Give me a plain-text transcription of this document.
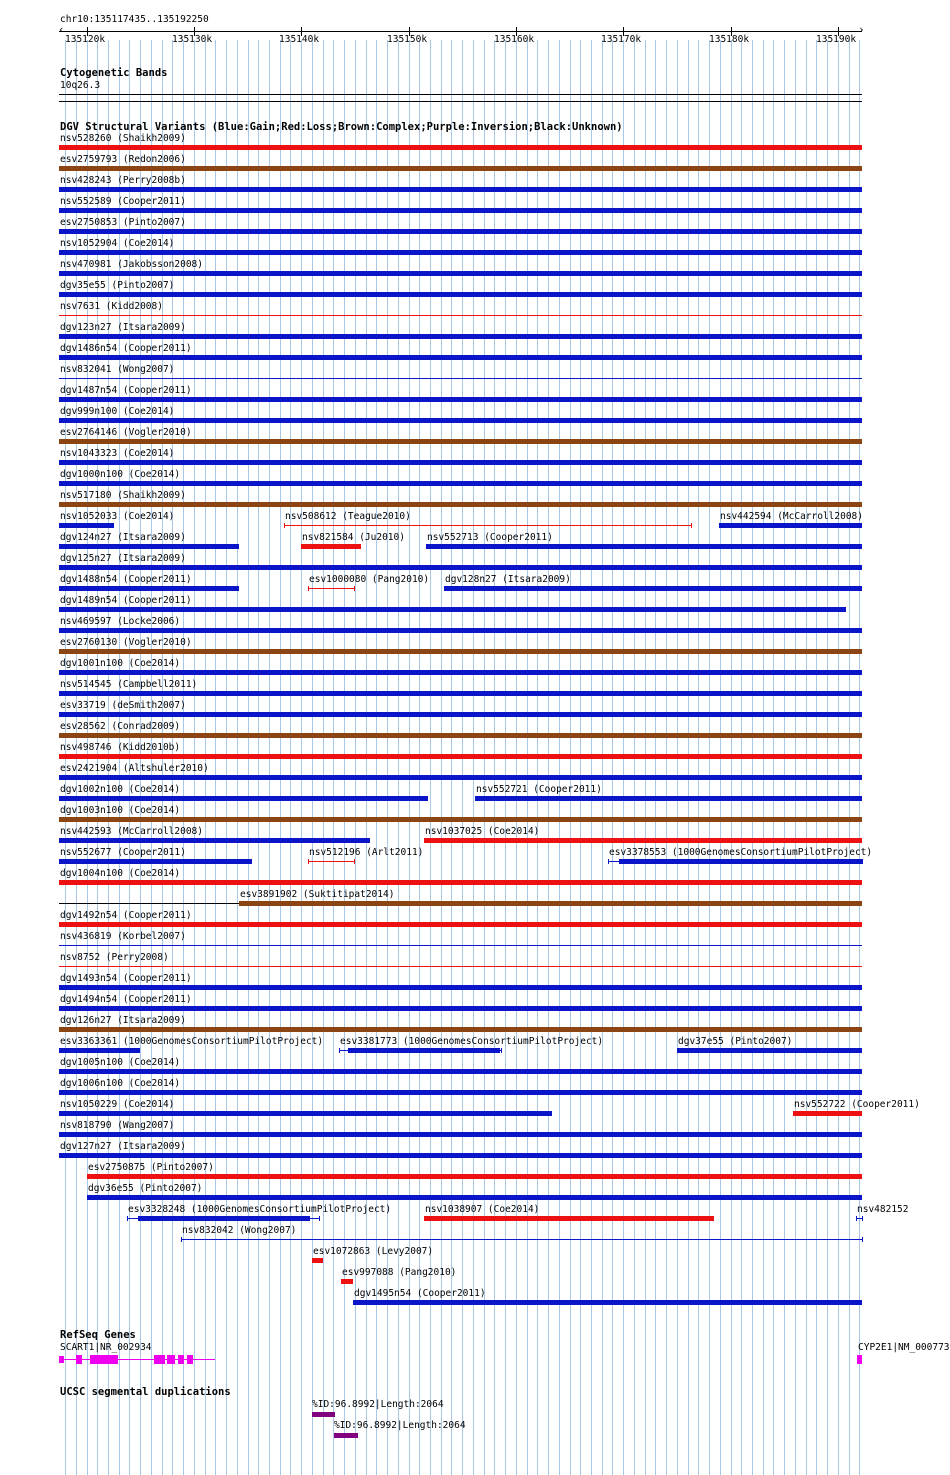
chr10:135117435..135192250
‹	›
135120k	135130k	135140k	135150k	135160k	135170k	135180k	135190k
Cytogenetic Bands
10q26.3
DGV Structural Variants (Blue:Gain;Red:Loss;Brown:Complex;Purple:Inversion;Black:Unknown)
nsv528260 (Shaikh2009)
esv2759793 (Redon2006)
nsv428243 (Perry2008b)
nsv552589 (Cooper2011)
esv2750853 (Pinto2007)
nsv1052904 (Coe2014)
nsv470981 (Jakobsson2008)
dgv35e55 (Pinto2007)
nsv7631 (Kidd2008)
dgv123n27 (Itsara2009)
dgv1486n54 (Cooper2011)
nsv832041 (Wong2007)
dgv1487n54 (Cooper2011)
dgv999n100 (Coe2014)
esv2764146 (Vogler2010)
nsv1043323 (Coe2014)
dgv1000n100 (Coe2014)
nsv517180 (Shaikh2009)
nsv1052033 (Coe2014)	nsv508612 (Teague2010)	nsv442594 (McCarroll2008)
dgv124n27 (Itsara2009)	nsv821584 (Ju2010) nsv552713 (Cooper2011)
dgv125n27 (Itsara2009)
dgv1488n54 (Cooper2011)	esv1000080 (Pang2010) dgv128n27 (Itsara2009)
dgv1489n54 (Cooper2011)
nsv469597 (Locke2006)
esv2760130 (Vogler2010)
dgv1001n100 (Coe2014)
nsv514545 (Campbell2011)
esv33719 (deSmith2007)
esv28562 (Conrad2009)
nsv498746 (Kidd2010b)
esv2421904 (Altshuler2010)
dgv1002n100 (Coe2014)	nsv552721 (Cooper2011)
dgv1003n100 (Coe2014)
nsv442593 (McCarroll2008)	nsv1037025 (Coe2014)
nsv552677 (Cooper2011)	nsv512196 (Arlt2011)	esv3378553 (1000GenomesConsortiumPilotProject)
dgv1004n100 (Coe2014)
esv3891902 (Suktitipat2014)
dgv1492n54 (Cooper2011)
nsv436819 (Korbel2007)
nsv8752 (Perry2008)
dgv1493n54 (Cooper2011)
dgv1494n54 (Cooper2011)
dgv126n27 (Itsara2009)
esv3363361 (1000GenomesConsortiumPilotProject) esv3381773 (1000GenomesConsortiumPilotProject)	dgv37e55 (Pinto2007)
dgv1005n100 (Coe2014)
dgv1006n100 (Coe2014)
nsv1050229 (Coe2014)	nsv552722 (Cooper2011)
nsv818790 (Wang2007)
dgv127n27 (Itsara2009)
esv2750875 (Pinto2007)
dgv36e55 (Pinto2007)
esv3328248 (1000GenomesConsortiumPilotProject)	nsv1038907 (Coe2014)	nsv482152
nsv832042 (Wong2007)
esv1072863 (Levy2007)
esv997088 (Pang2010)
dgv1495n54 (Cooper2011)
RefSeq Genes
SCART1|NR_002934	CYP2E1|NM_000773
UCSC segmental duplications
%ID:96.8992|Length:2064
%ID:96.8992|Length:2064
